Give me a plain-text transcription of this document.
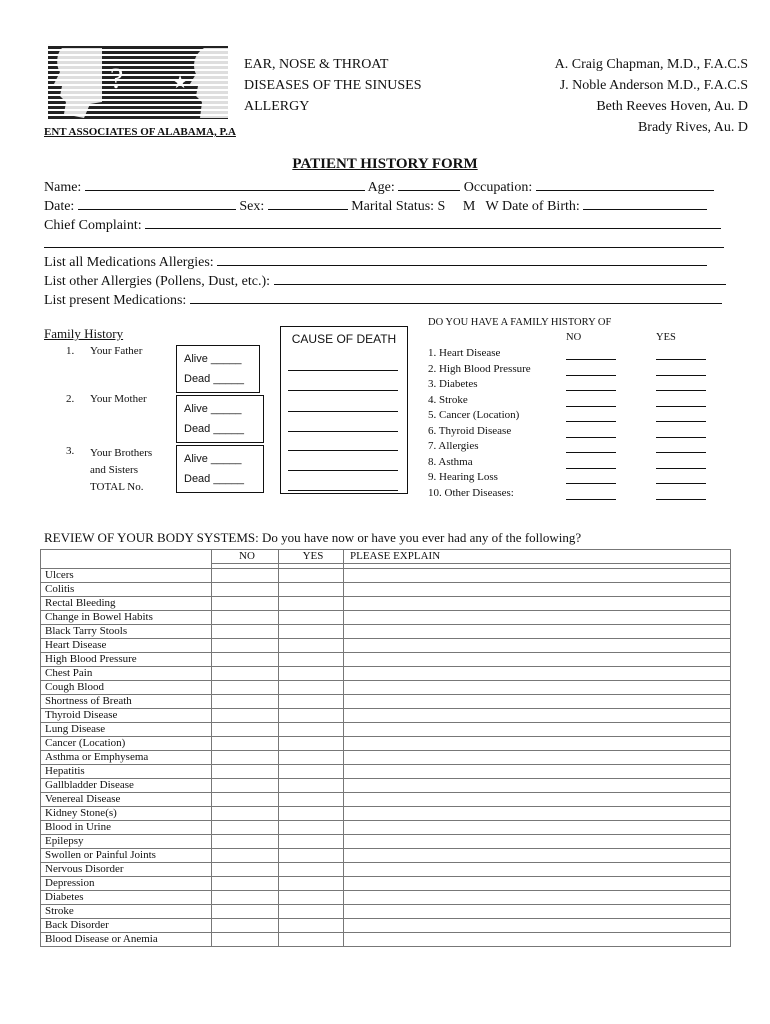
?	★
ENT ASSOCIATES OF ALABAMA, P.A
EAR, NOSE & THROAT
DISEASES OF THE SINUSES
ALLERGY
A. Craig Chapman, M.D., F.A.C.S
J. Noble Anderson M.D., F.A.C.S
Beth Reeves Hoven, Au. D
Brady Rives, Au. D
PATIENT HISTORY FORM
Name:	Age:	Occupation:
Date:	Sex:	Marital Status: S     M   W Date of Birth:
Chief Complaint:
List all Medications Allergies:
List other Allergies (Pollens, Dust, etc.):
List present Medications:
Family History
1. Your Father
2. Your Mother
3. Your Brothers and Sisters TOTAL No.
Alive _____
Dead _____
Alive _____
Dead _____
Alive _____
Dead _____
CAUSE OF DEATH
DO YOU HAVE A FAMILY HISTORY OF
NO	YES
1. Heart Disease
2. High Blood Pressure
3. Diabetes
4. Stroke
5. Cancer (Location)
6. Thyroid Disease
7. Allergies
8. Asthma
9. Hearing Loss
10. Other Diseases:
REVIEW OF YOUR BODY SYSTEMS: Do you have now or have you ever had any of the following?
	NO	YES	PLEASE EXPLAIN

Ulcers			
Colitis			
Rectal Bleeding			
Change in Bowel Habits			
Black Tarry Stools			
Heart Disease			
High Blood Pressure			
Chest Pain			
Cough Blood			
Shortness of Breath			
Thyroid Disease			
Lung Disease			
Cancer (Location)			
Asthma or Emphysema			
Hepatitis			
Gallbladder Disease			
Venereal Disease			
Kidney Stone(s)			
Blood in Urine			
Epilepsy			
Swollen or Painful Joints			
Nervous Disorder			
Depression			
Diabetes			
Stroke			
Back Disorder			
Blood Disease or Anemia			
